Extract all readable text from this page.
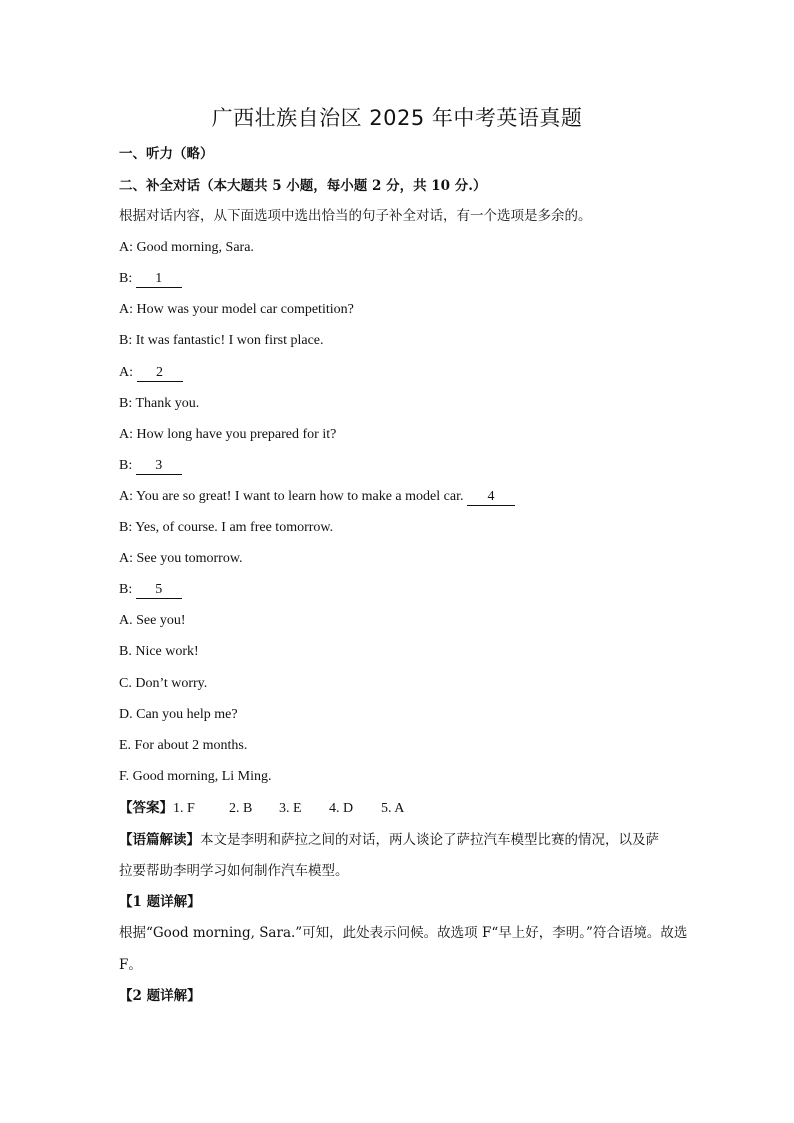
广西壮族自治区 2025 年中考英语真题
一、听力（略）
二、补全对话（本大题共 5 小题，每小题 2 分，共 10 分.）
根据对话内容，从下面选项中选出恰当的句子补全对话，有一个选项是多余的。
A: Good morning, Sara.
B: 1
A: How was your model car competition?
B: It was fantastic! I won first place.
A: 2
B: Thank you.
A: How long have you prepared for it?
B: 3
A: You are so great! I want to learn how to make a model car. 4
B: Yes, of course. I am free tomorrow.
A: See you tomorrow.
B: 5
A. See you!
B. Nice work!
C. Don’t worry.
D. Can you help me?
E. For about 2 months.
F. Good morning, Li Ming.
【答案】1. F 2. B 3. E 4. D 5. A
【语篇解读】本文是李明和萨拉之间的对话，两人谈论了萨拉汽车模型比赛的情况，以及萨
拉要帮助李明学习如何制作汽车模型。
【1 题详解】
根据“Good morning, Sara.”可知，此处表示问候。故选项 F“早上好，李明。”符合语境。故选
F。
【2 题详解】
